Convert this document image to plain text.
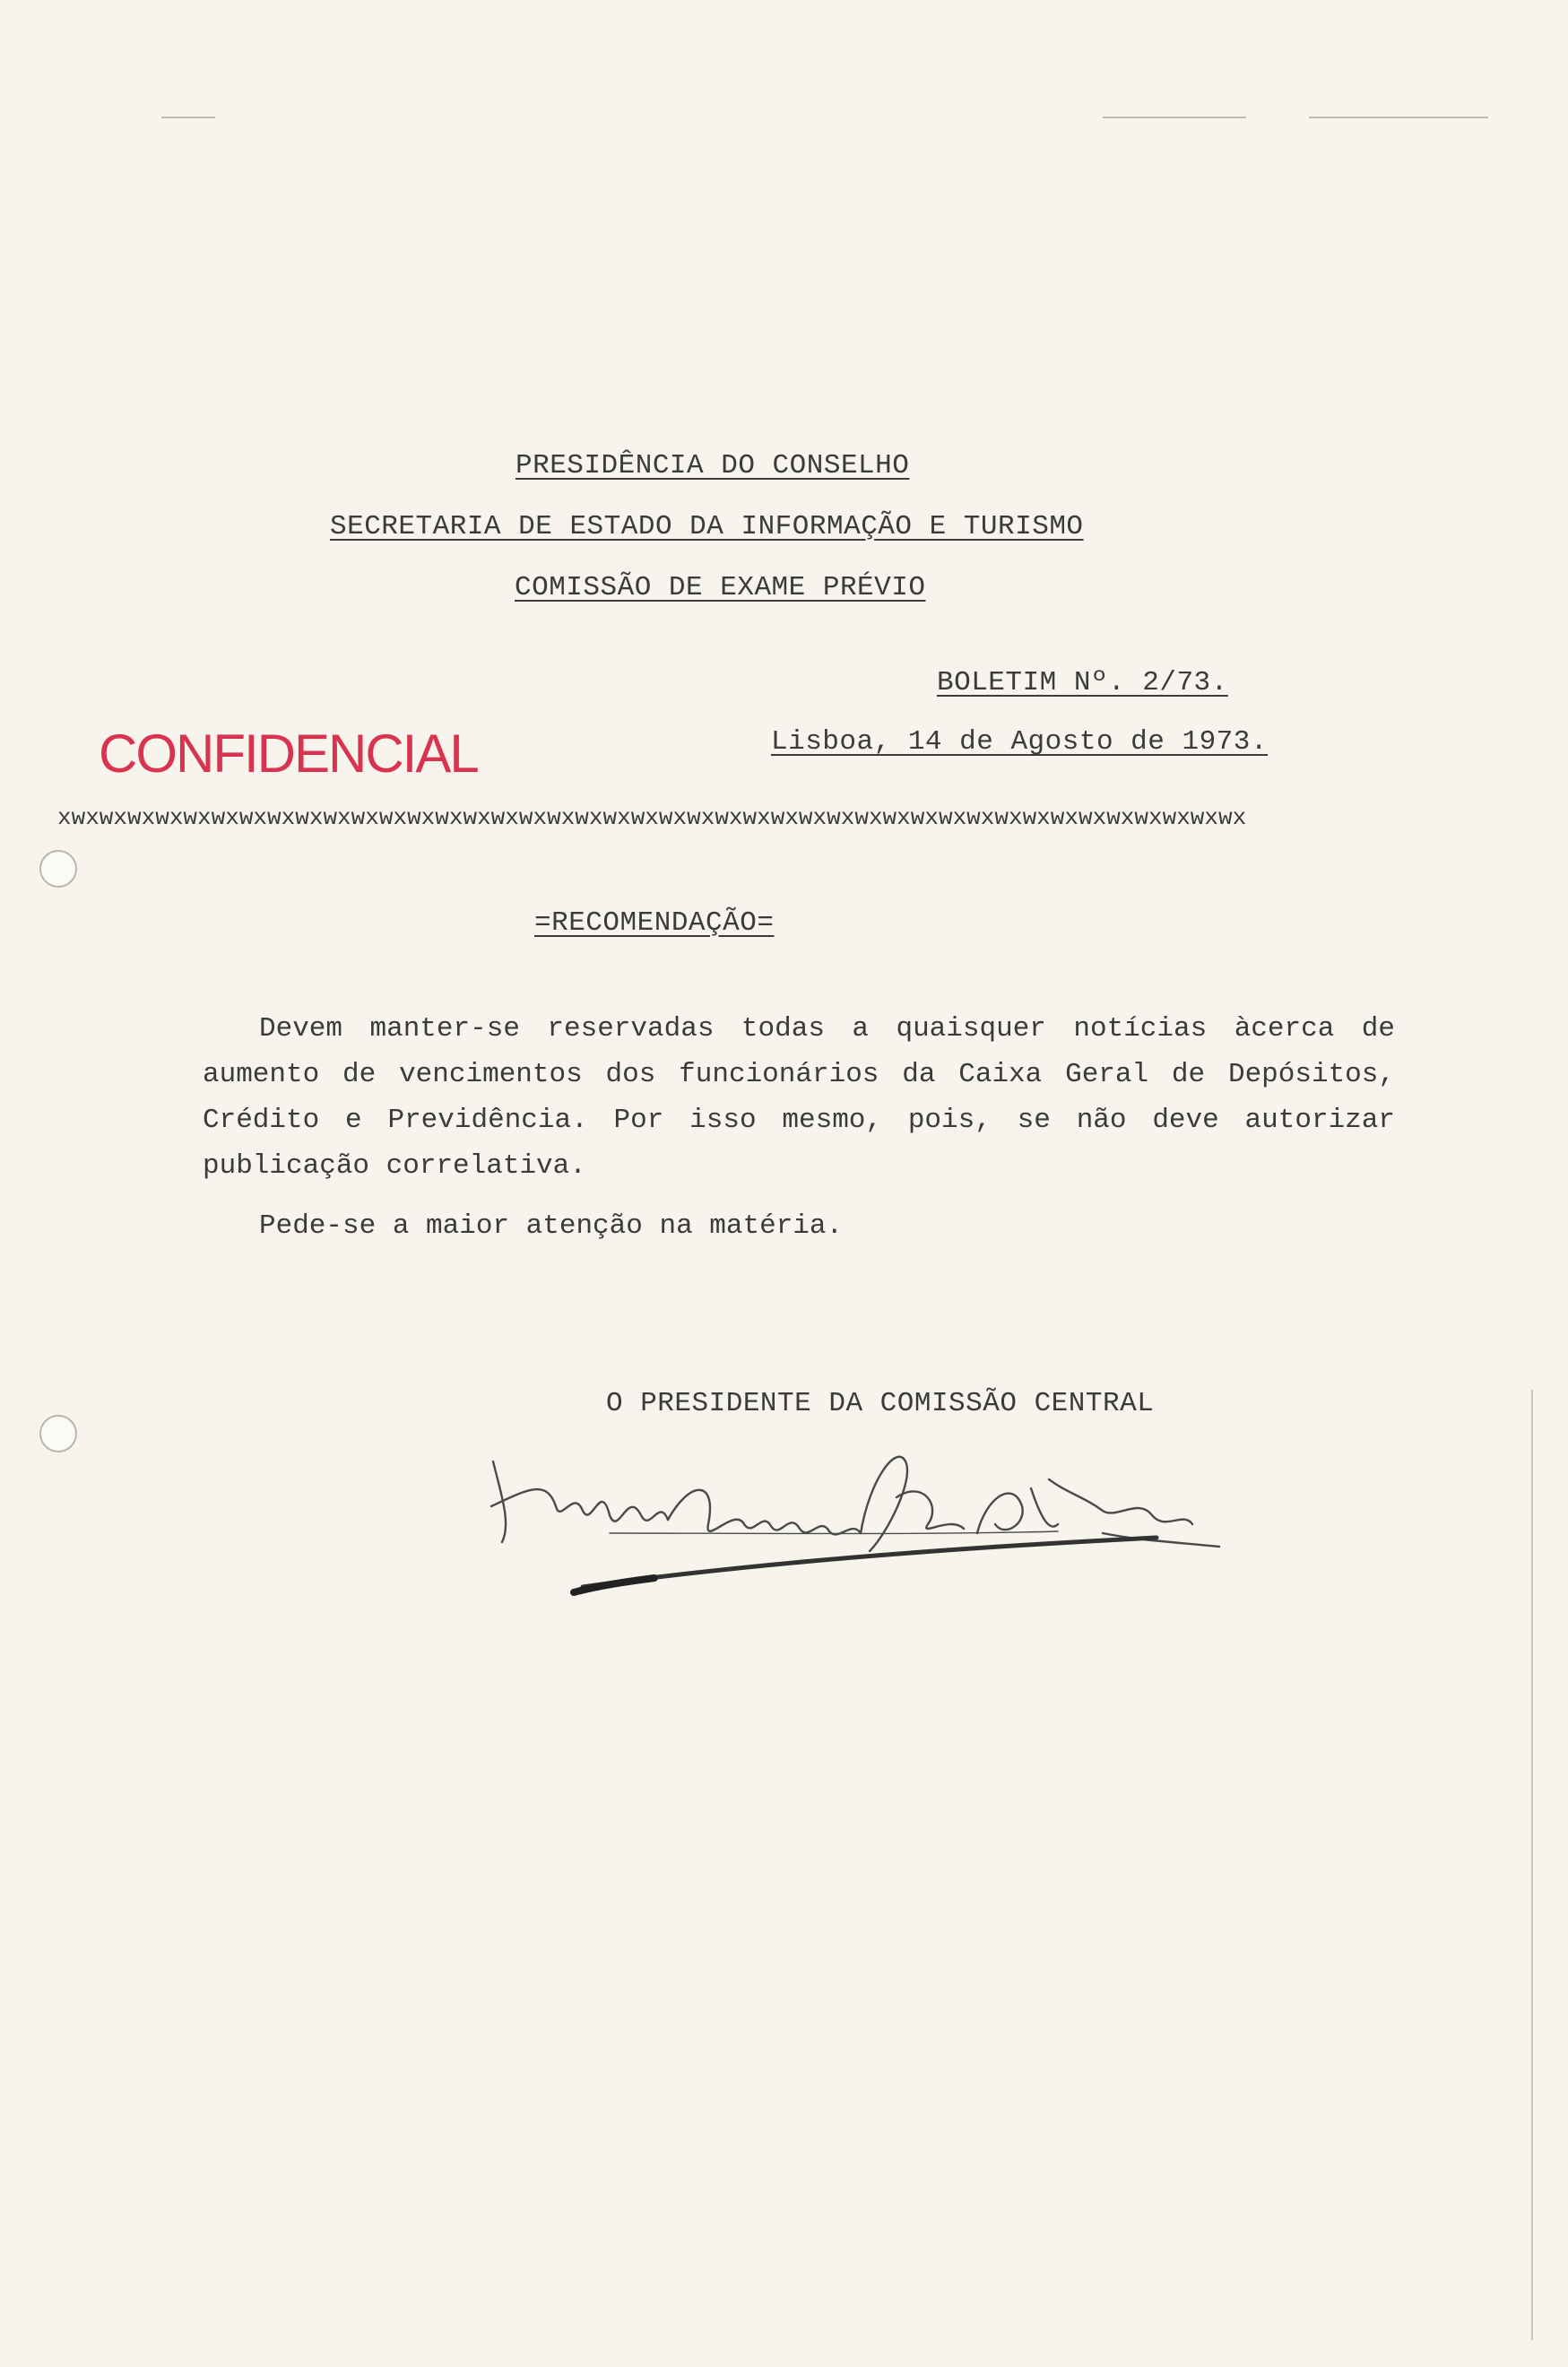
PRESIDÊNCIA DO CONSELHO
SECRETARIA DE ESTADO DA INFORMAÇÃO E TURISMO
COMISSÃO DE EXAME PRÉVIO
BOLETIM Nº. 2/73.
Lisboa, 14 de Agosto de 1973.
CONFIDENCIAL
xwxwxwxwxwxwxwxwxwxwxwxwxwxwxwxwxwxwxwxwxwxwxwxwxwxwxwxwxwxwxwxwxwxwxwxwxwxwxwxwxwxwx
=RECOMENDAÇÃO=
Devem manter-se reservadas todas a quaisquer notícias àcerca de aumento de vencimentos dos funcionários da Caixa Geral de Depósitos, Crédito e Previdência. Por isso mesmo, pois, se não deve autorizar publicação correlativa.
Pede-se a maior atenção na matéria.
O PRESIDENTE DA COMISSÃO CENTRAL
